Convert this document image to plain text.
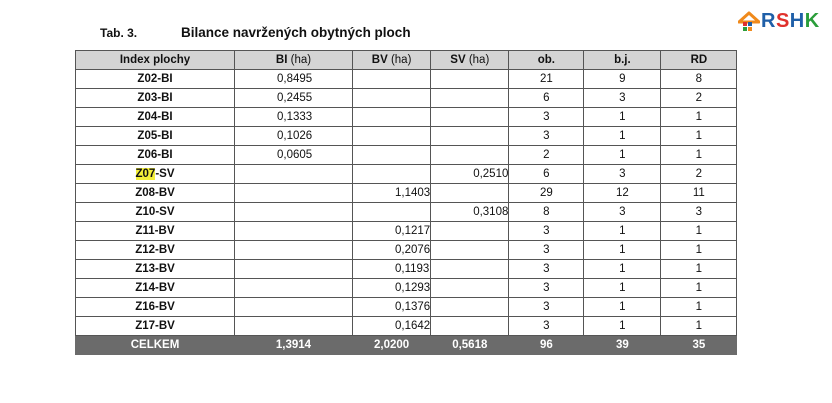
Tab. 3.	Bilance navržených obytných ploch
R S H K
Index plochy	BI (ha)	BV (ha)	SV (ha)	ob.	b.j.	RD
Z02-BI	0,8495			21	9	8
Z03-BI	0,2455			6	3	2
Z04-BI	0,1333			3	1	1
Z05-BI	0,1026			3	1	1
Z06-BI	0,0605			2	1	1
Z07-SV			0,2510	6	3	2
Z08-BV		1,1403		29	12	11
Z10-SV			0,3108	8	3	3
Z11-BV		0,1217		3	1	1
Z12-BV		0,2076		3	1	1
Z13-BV		0,1193		3	1	1
Z14-BV		0,1293		3	1	1
Z16-BV		0,1376		3	1	1
Z17-BV		0,1642		3	1	1
CELKEM	1,3914	2,0200	0,5618	96	39	35
